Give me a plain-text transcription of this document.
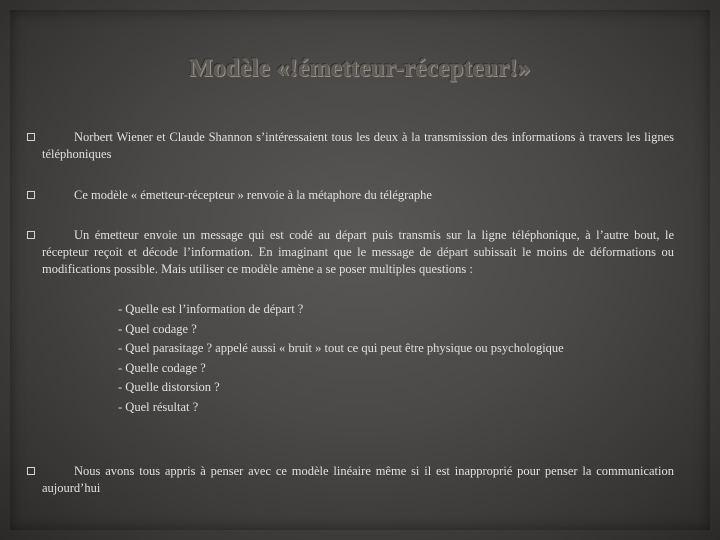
Modèle «!émetteur-récepteur!»
Norbert Wiener et Claude Shannon s’intéressaient tous les deux à la transmission des informations à travers les lignes téléphoniques
Ce modèle « émetteur-récepteur » renvoie à la métaphore du télégraphe
Un émetteur envoie un message qui est codé au départ puis transmis sur la ligne téléphonique, à l’autre bout, le récepteur reçoit et décode l’information. En imaginant que le message de départ subissait le moins de déformations ou modifications possible. Mais utiliser ce modèle amène a se poser multiples questions :
- Quelle est l’information de départ ?
- Quel codage ?
- Quel parasitage ? appelé aussi « bruit » tout ce qui peut être physique ou psychologique
- Quelle codage ?
- Quelle distorsion ?
- Quel résultat ?
Nous avons tous appris à penser avec ce modèle linéaire même si il est inapproprié pour penser la communication aujourd’hui
